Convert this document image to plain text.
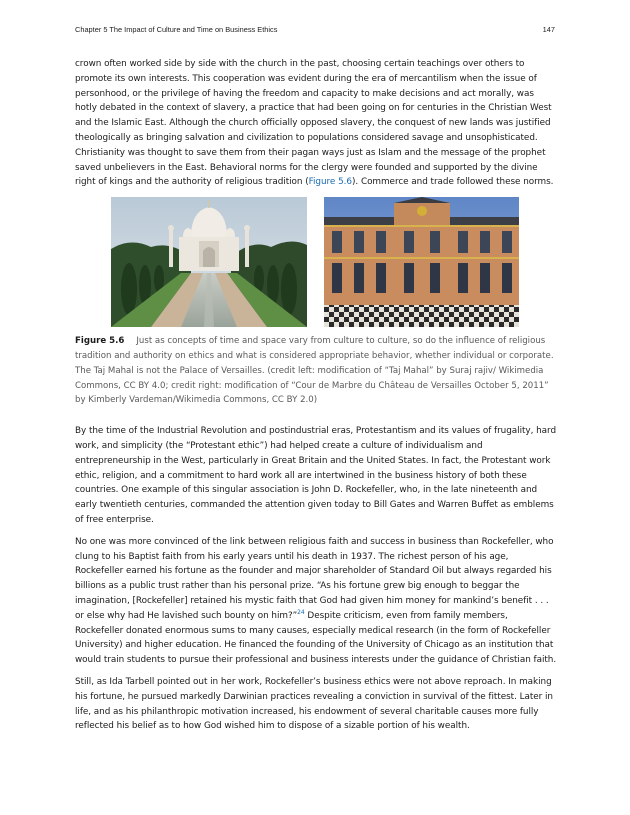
Chapter 5 The Impact of Culture and Time on Business Ethics	147

crown often worked side by side with the church in the past, choosing certain teachings over others to promote its own interests. This cooperation was evident during the era of mercantilism when the issue of personhood, or the privilege of having the freedom and capacity to make decisions and act morally, was hotly debated in the context of slavery, a practice that had been going on for centuries in the Christian West and the Islamic East. Although the church officially opposed slavery, the conquest of new lands was justified theologically as bringing salvation and civilization to populations considered savage and unsophisticated. Christianity was thought to save them from their pagan ways just as Islam and the message of the prophet saved unbelievers in the East. Behavioral norms for the clergy were founded and supported by the divine right of kings and the authority of religious tradition (Figure 5.6). Commerce and trade followed these norms.

Figure 5.6 Just as concepts of time and space vary from culture to culture, so do the influence of religious tradition and authority on ethics and what is considered appropriate behavior, whether individual or corporate. The Taj Mahal is not the Palace of Versailles. (credit left: modification of “Taj Mahal” by Suraj rajiv/ Wikimedia Commons, CC BY 4.0; credit right: modification of “Cour de Marbre du Château de Versailles October 5, 2011” by Kimberly Vardeman/Wikimedia Commons, CC BY 2.0)

By the time of the Industrial Revolution and postindustrial eras, Protestantism and its values of frugality, hard work, and simplicity (the “Protestant ethic”) had helped create a culture of individualism and entrepreneurship in the West, particularly in Great Britain and the United States. In fact, the Protestant work ethic, religion, and a commitment to hard work all are intertwined in the business history of both these countries. One example of this singular association is John D. Rockefeller, who, in the late nineteenth and early twentieth centuries, commanded the attention given today to Bill Gates and Warren Buffet as emblems of free enterprise.

No one was more convinced of the link between religious faith and success in business than Rockefeller, who clung to his Baptist faith from his early years until his death in 1937. The richest person of his age, Rockefeller earned his fortune as the founder and major shareholder of Standard Oil but always regarded his billions as a public trust rather than his personal prize. “As his fortune grew big enough to beggar the imagination, [Rockefeller] retained his mystic faith that God had given him money for mankind’s benefit . . . or else why had He lavished such bounty on him?”$^{24}$ Despite criticism, even from family members, Rockefeller donated enormous sums to many causes, especially medical research (in the form of Rockefeller University) and higher education. He financed the founding of the University of Chicago as an institution that would train students to pursue their professional and business interests under the guidance of Christian faith.

Still, as Ida Tarbell pointed out in her work, Rockefeller’s business ethics were not above reproach. In making his fortune, he pursued markedly Darwinian practices revealing a conviction in survival of the fittest. Later in life, and as his philanthropic motivation increased, his endowment of several charitable causes more fully reflected his belief as to how God wished him to dispose of a sizable portion of his wealth.
